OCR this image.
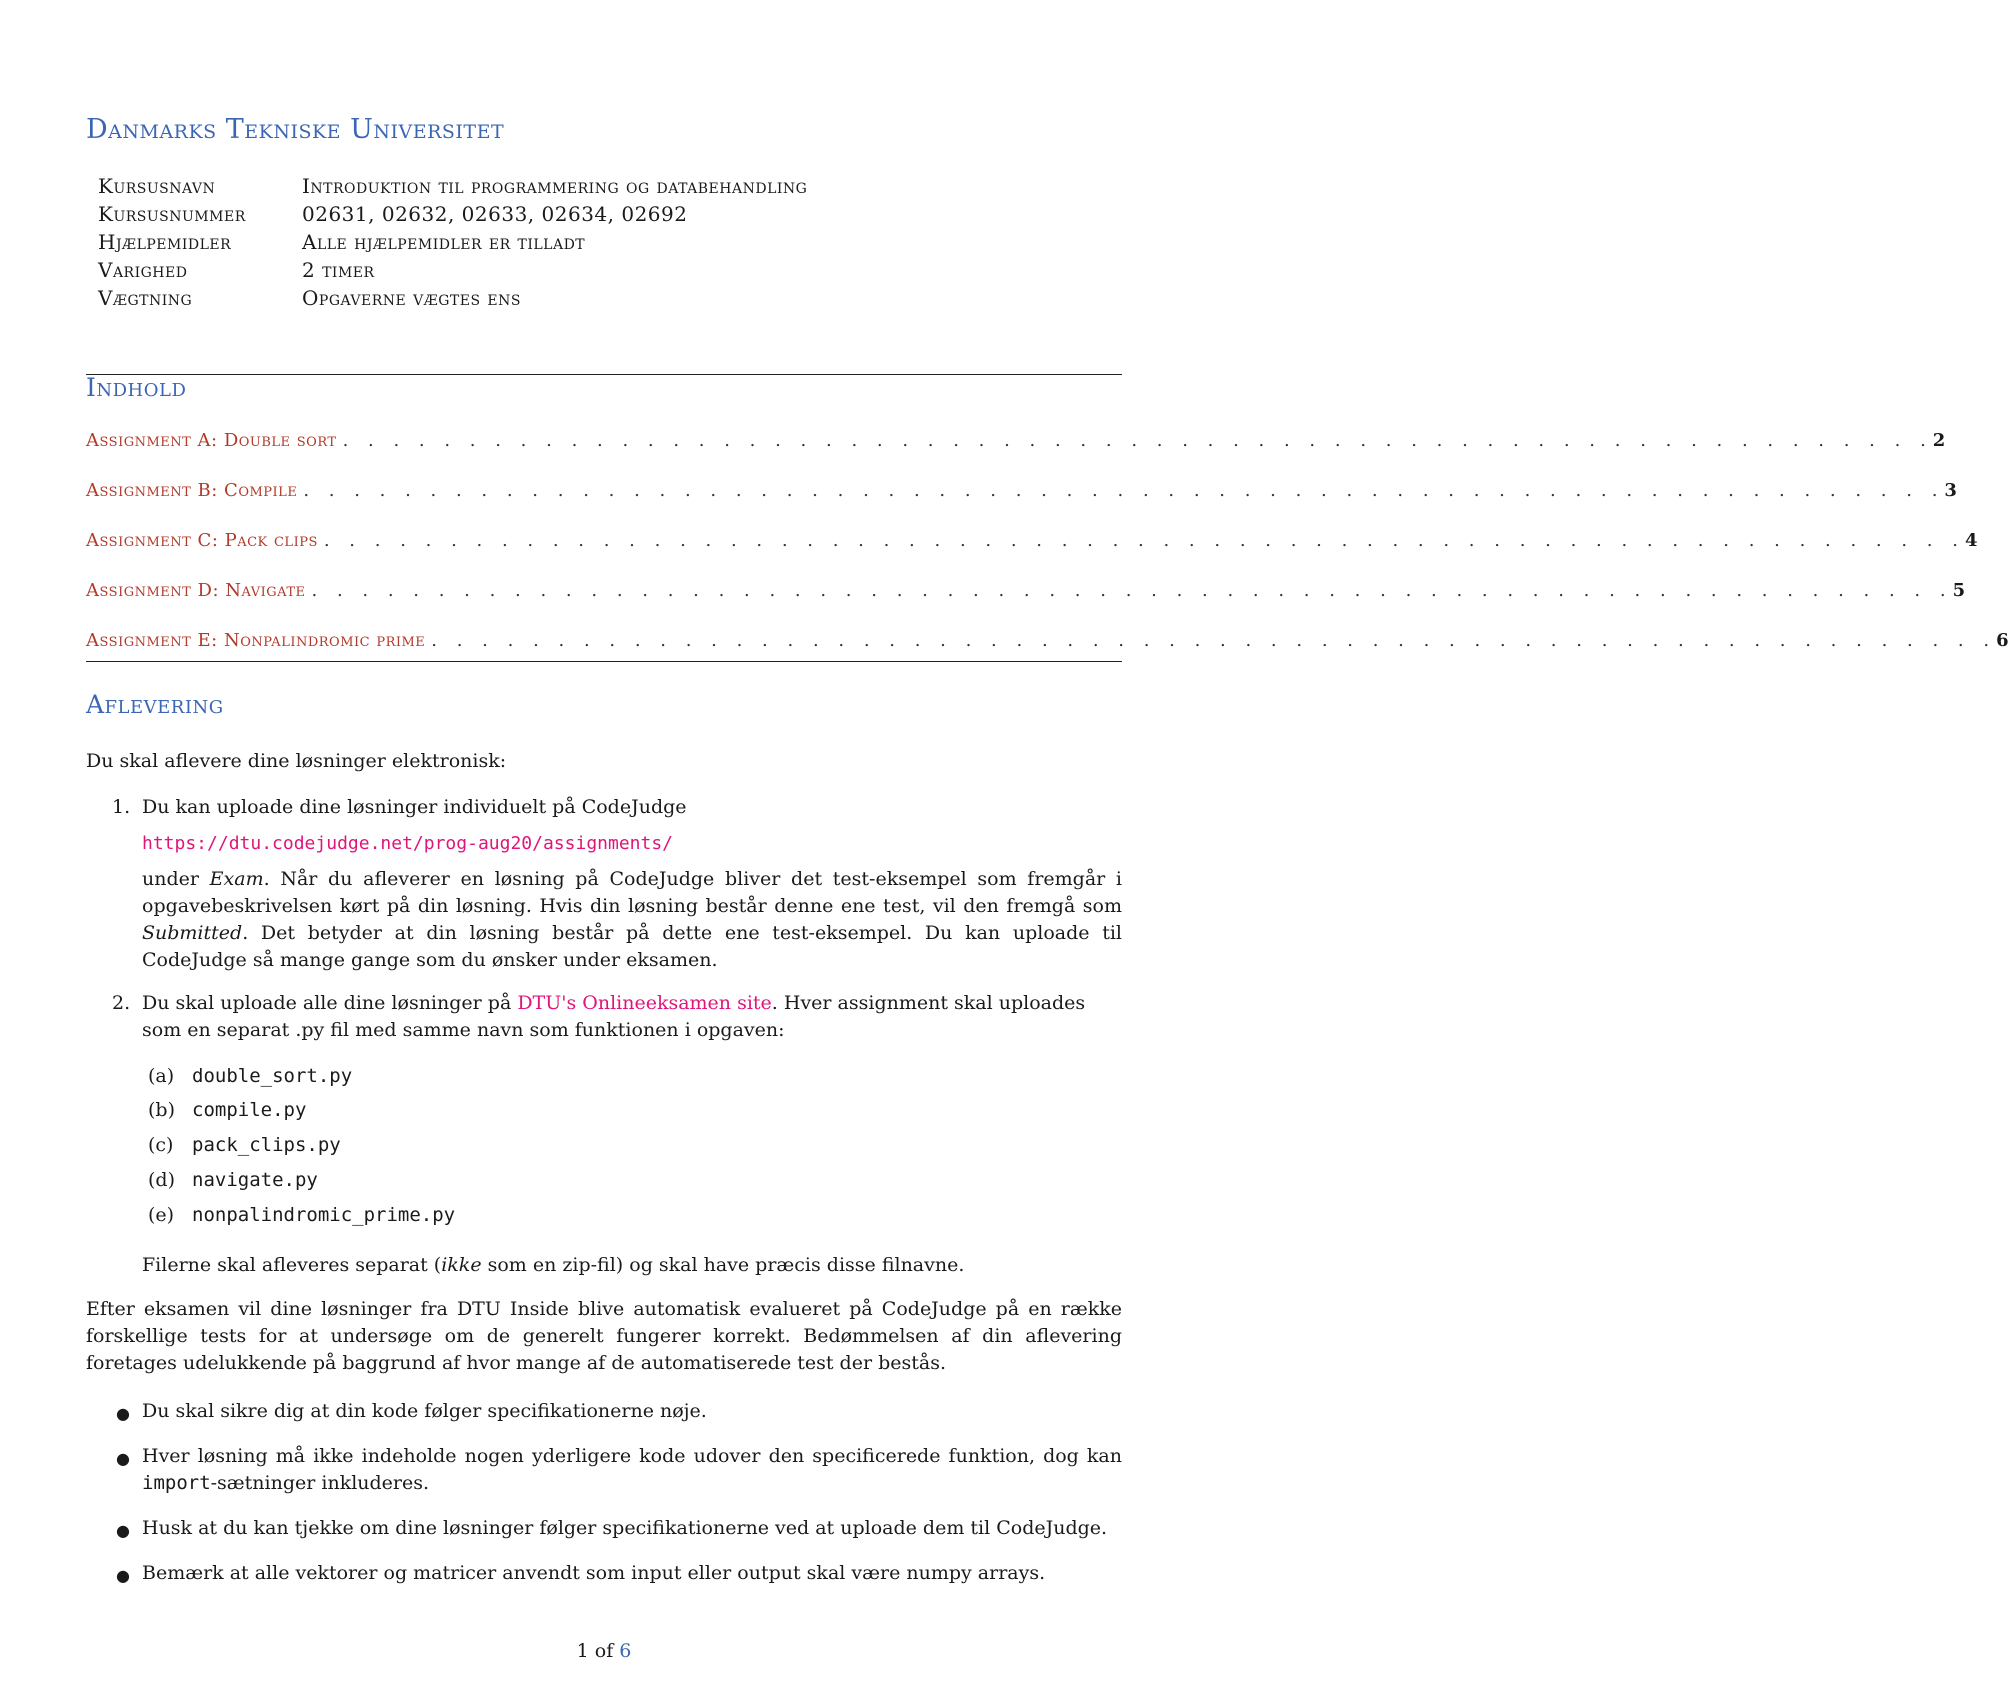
Danmarks Tekniske Universitet
Kursusnavn	Introduktion til programmering og databehandling
Kursusnummer	02631, 02632, 02633, 02634, 02692
Hjælpemidler	Alle hjælpemidler er tilladt
Varighed	2 timer
Vægtning	Opgaverne vægtes ens
Indhold
Assignment A: Double sort . . . . . . . . . . . . . . . . . . . . . . . . . . . . . . . . . . . . . . . . . . . . . . . . . . . . . . . . . . . . . . . 2
Assignment B: Compile . . . . . . . . . . . . . . . . . . . . . . . . . . . . . . . . . . . . . . . . . . . . . . . . . . . . . . . . . . . . . . . . . 3
Assignment C: Pack clips . . . . . . . . . . . . . . . . . . . . . . . . . . . . . . . . . . . . . . . . . . . . . . . . . . . . . . . . . . . . . . . . . 4
Assignment D: Navigate . . . . . . . . . . . . . . . . . . . . . . . . . . . . . . . . . . . . . . . . . . . . . . . . . . . . . . . . . . . . . . . . . 5
Assignment E: Nonpalindromic prime . . . . . . . . . . . . . . . . . . . . . . . . . . . . . . . . . . . . . . . . . . . . . . . . . . . . . . . . . . . . . . 6
Aflevering
Du skal aflevere dine løsninger elektronisk:
1. Du kan uploade dine løsninger individuelt på CodeJudge
https://dtu.codejudge.net/prog-aug20/assignments/
under Exam. Når du afleverer en løsning på CodeJudge bliver det test-eksempel som fremgår i opgavebeskrivelsen kørt på din løsning. Hvis din løsning består denne ene test, vil den fremgå som Submitted. Det betyder at din løsning består på dette ene test-eksempel. Du kan uploade til CodeJudge så mange gange som du ønsker under eksamen.
2. Du skal uploade alle dine løsninger på DTU's Onlineeksamen site. Hver assignment skal uploades som en separat .py fil med samme navn som funktionen i opgaven:
(a) double_sort.py
(b) compile.py
(c) pack_clips.py
(d) navigate.py
(e) nonpalindromic_prime.py
Filerne skal afleveres separat (ikke som en zip-fil) og skal have præcis disse filnavne.
Efter eksamen vil dine løsninger fra DTU Inside blive automatisk evalueret på CodeJudge på en række forskellige tests for at undersøge om de generelt fungerer korrekt. Bedømmelsen af din aflevering foretages udelukkende på baggrund af hvor mange af de automatiserede test der bestås.
● Du skal sikre dig at din kode følger specifikationerne nøje.
● Hver løsning må ikke indeholde nogen yderligere kode udover den specificerede funktion, dog kan import-sætninger inkluderes.
● Husk at du kan tjekke om dine løsninger følger specifikationerne ved at uploade dem til CodeJudge.
● Bemærk at alle vektorer og matricer anvendt som input eller output skal være numpy arrays.
1 of 6
